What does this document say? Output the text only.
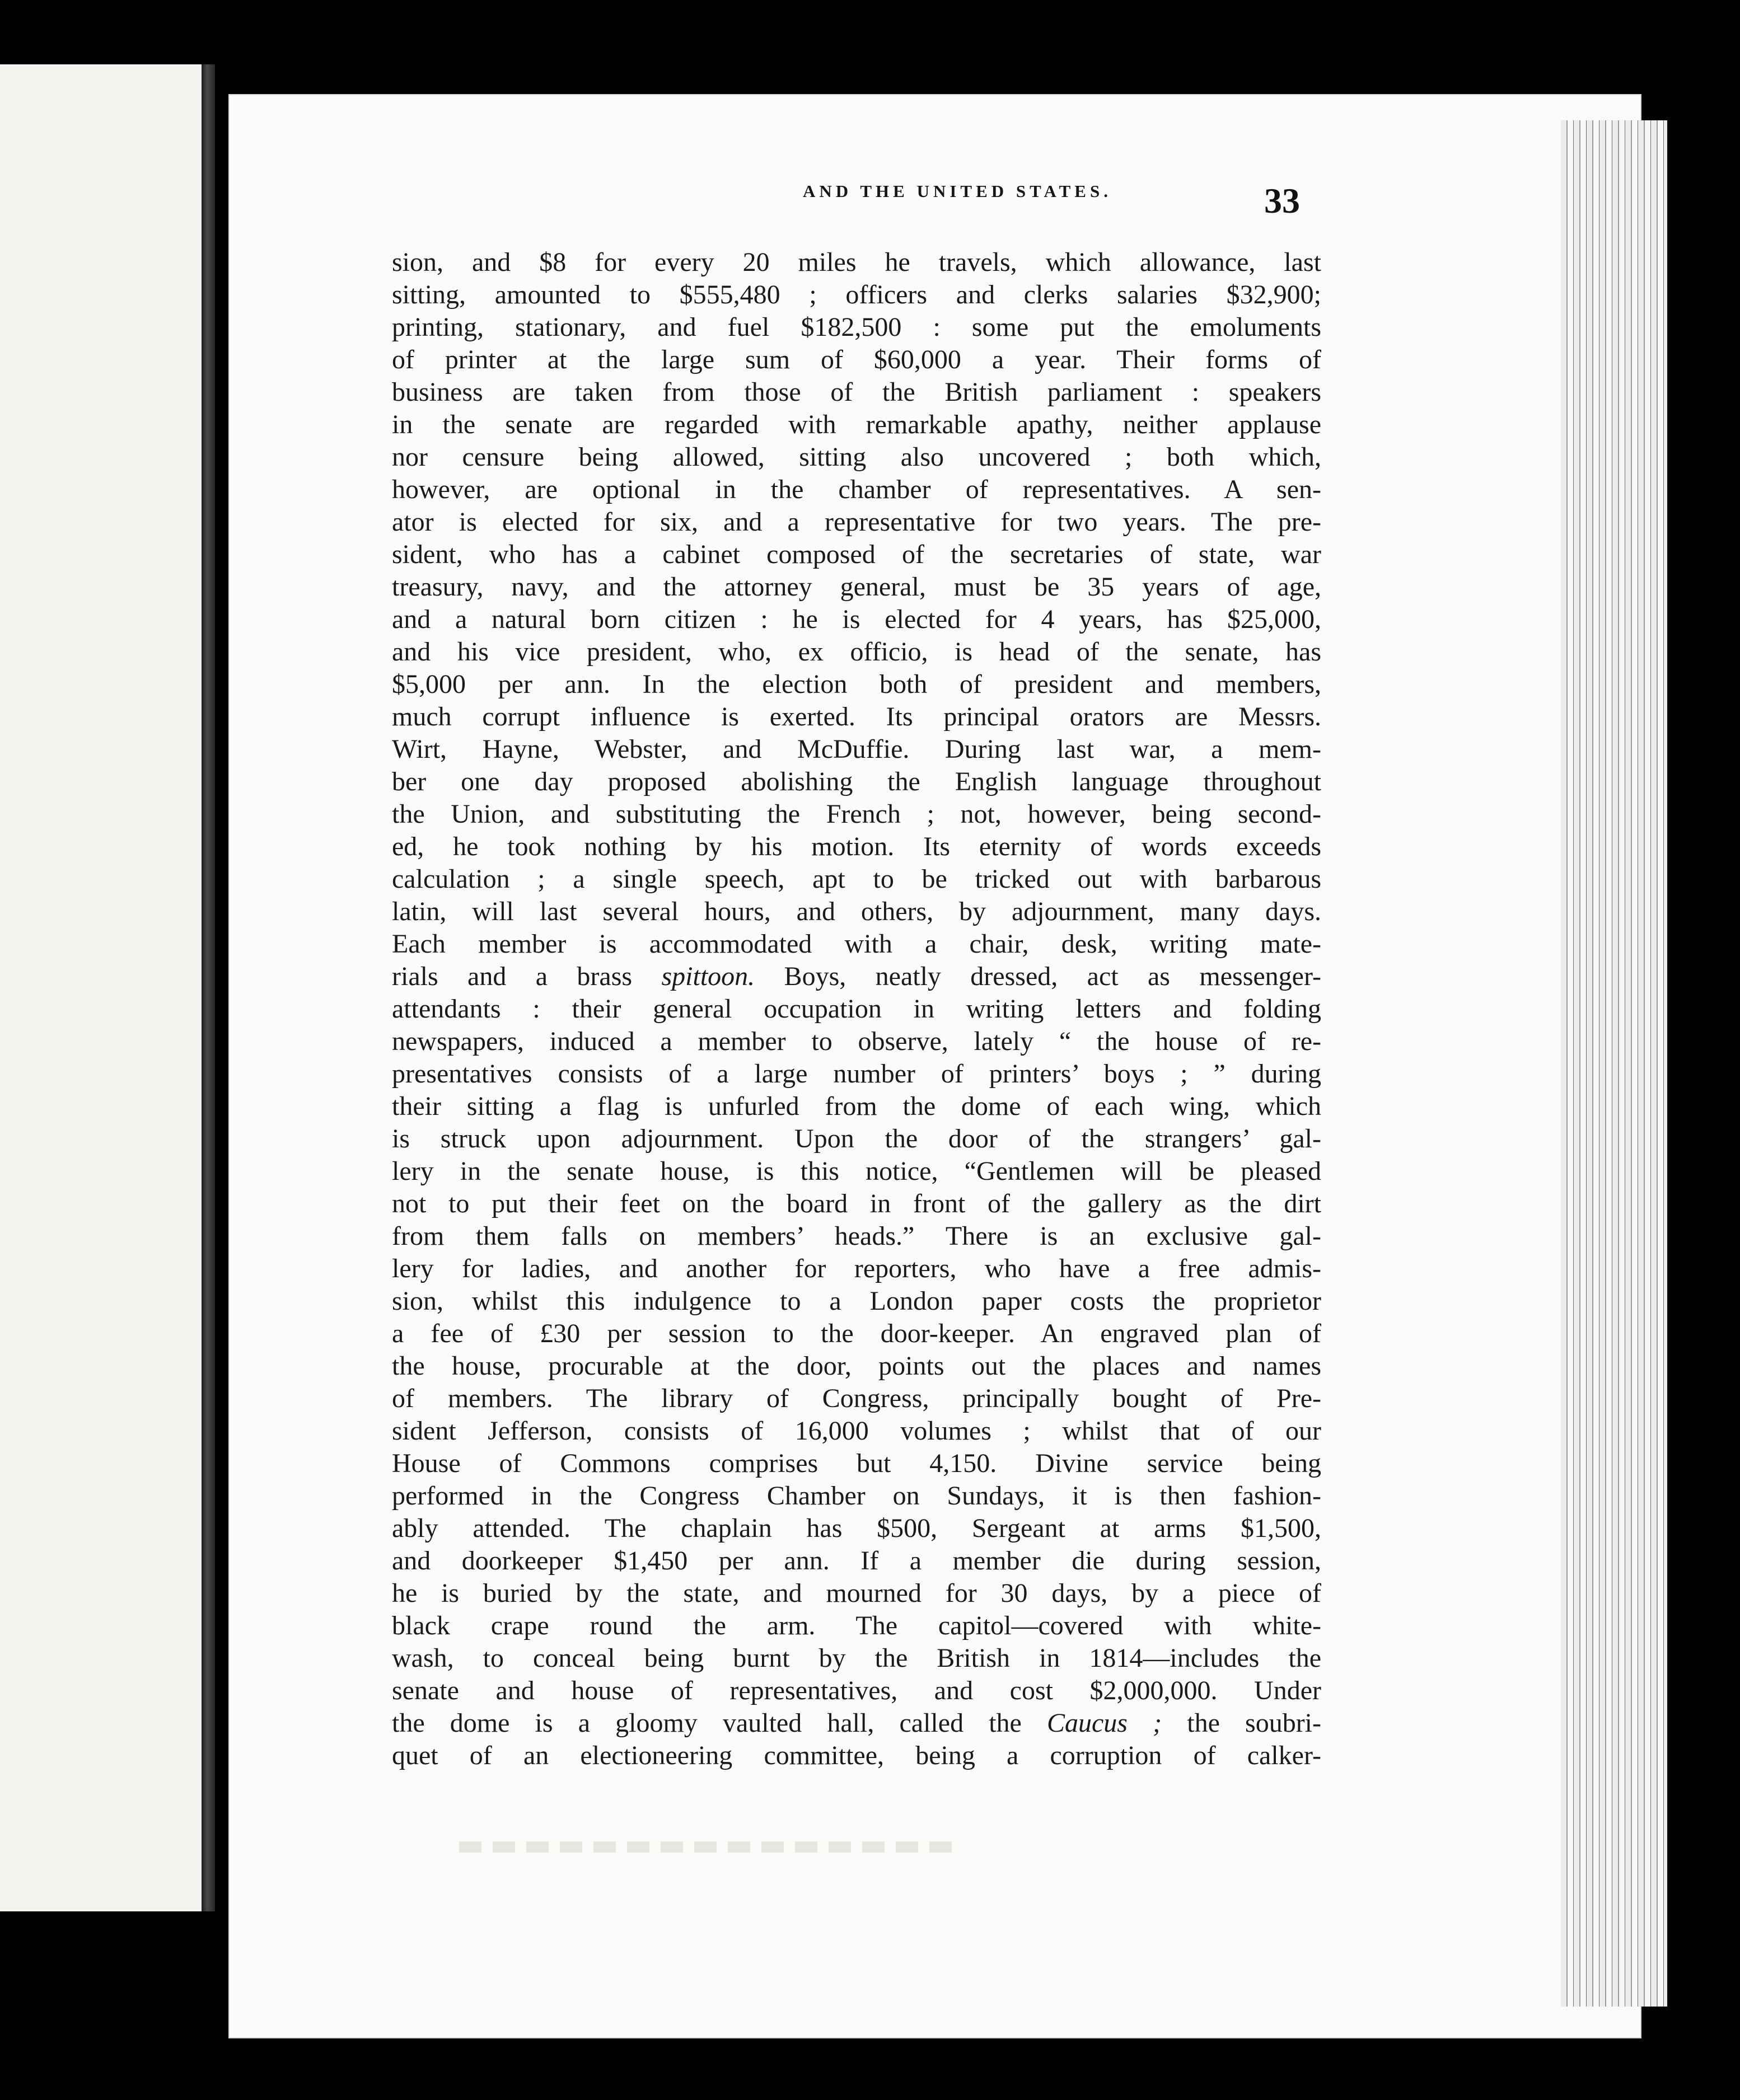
AND THE UNITED STATES.	33
sion, and $8 for every 20 miles he travels, which allowance, last
sitting, amounted to $555,480 ; officers and clerks salaries $32,900;
printing, stationary, and fuel $182,500 : some put the emoluments
of printer at the large sum of $60,000 a year. Their forms of
business are taken from those of the British parliament : speakers
in the senate are regarded with remarkable apathy, neither applause
nor censure being allowed, sitting also uncovered ; both which,
however, are optional in the chamber of representatives. A sen-
ator is elected for six, and a representative for two years. The pre-
sident, who has a cabinet composed of the secretaries of state, war
treasury, navy, and the attorney general, must be 35 years of age,
and a natural born citizen : he is elected for 4 years, has $25,000,
and his vice president, who, ex officio, is head of the senate, has
$5,000 per ann. In the election both of president and members,
much corrupt influence is exerted. Its principal orators are Messrs.
Wirt, Hayne, Webster, and McDuffie. During last war, a mem-
ber one day proposed abolishing the English language throughout
the Union, and substituting the French ; not, however, being second-
ed, he took nothing by his motion. Its eternity of words exceeds
calculation ; a single speech, apt to be tricked out with barbarous
latin, will last several hours, and others, by adjournment, many days.
Each member is accommodated with a chair, desk, writing mate-
rials and a brass spittoon. Boys, neatly dressed, act as messenger-
attendants : their general occupation in writing letters and folding
newspapers, induced a member to observe, lately “ the house of re-
presentatives consists of a large number of printers’ boys ; ” during
their sitting a flag is unfurled from the dome of each wing, which
is struck upon adjournment. Upon the door of the strangers’ gal-
lery in the senate house, is this notice, “Gentlemen will be pleased
not to put their feet on the board in front of the gallery as the dirt
from them falls on members’ heads.” There is an exclusive gal-
lery for ladies, and another for reporters, who have a free admis-
sion, whilst this indulgence to a London paper costs the proprietor
a fee of £30 per session to the door-keeper. An engraved plan of
the house, procurable at the door, points out the places and names
of members. The library of Congress, principally bought of Pre-
sident Jefferson, consists of 16,000 volumes ; whilst that of our
House of Commons comprises but 4,150. Divine service being
performed in the Congress Chamber on Sundays, it is then fashion-
ably attended. The chaplain has $500, Sergeant at arms $1,500,
and doorkeeper $1,450 per ann. If a member die during session,
he is buried by the state, and mourned for 30 days, by a piece of
black crape round the arm. The capitol—covered with white-
wash, to conceal being burnt by the British in 1814—includes the
senate and house of representatives, and cost $2,000,000. Under
the dome is a gloomy vaulted hall, called the Caucus ; the soubri-
quet of an electioneering committee, being a corruption of calker-
